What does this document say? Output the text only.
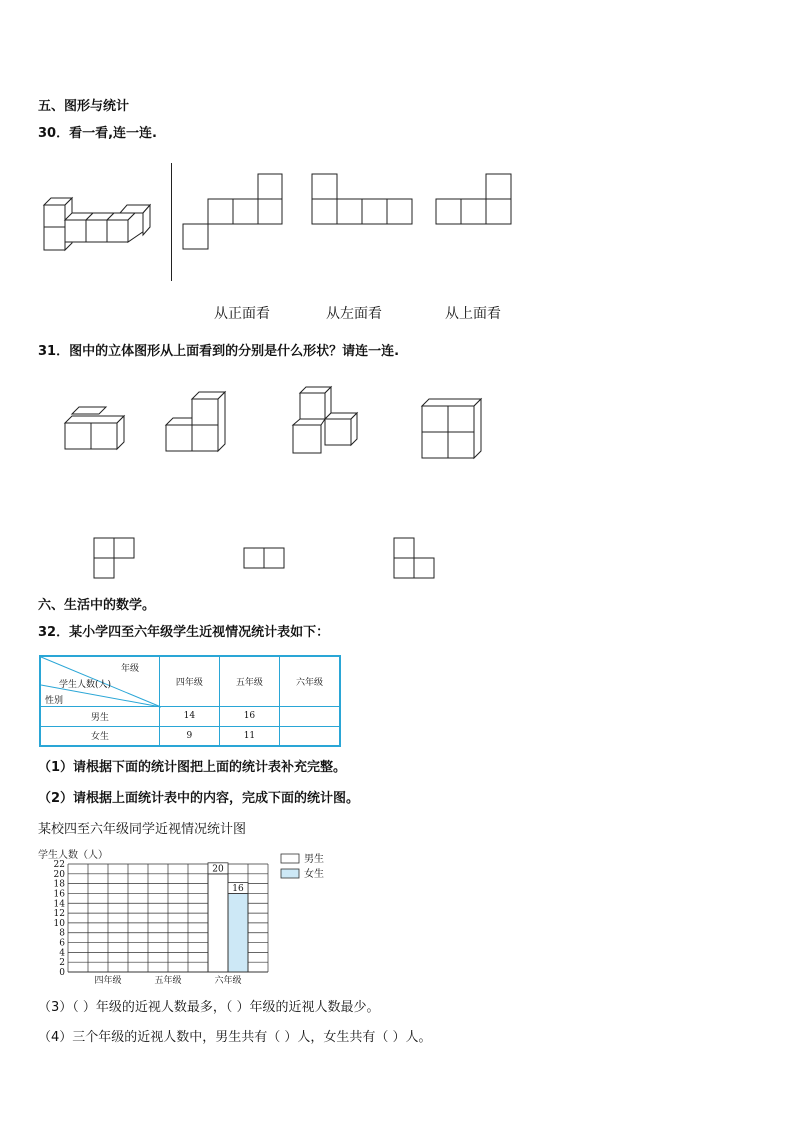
五、图形与统计
30．看一看,连一连.
从正面看	从左面看	从上面看
31．图中的立体图形从上面看到的分别是什么形状？请连一连.
六、生活中的数学。
32．某小学四至六年级学生近视情况统计表如下：
年级
学生人数(人)
性别	四年级	五年级	六年级
男生	14	16	
女生	9	11	
（1）请根据下面的统计图把上面的统计表补充完整。
（2）请根据上面统计表中的内容，完成下面的统计图。
某校四至六年级同学近视情况统计图
学生人数（人）
0
2
4
6
8
10
12
14
16
18
20
22
四年级	五年级	六年级
20
16
男生
女生
（3）（ ）年级的近视人数最多，（ ）年级的近视人数最少。
（4）三个年级的近视人数中，男生共有（ ）人，女生共有（ ）人。
